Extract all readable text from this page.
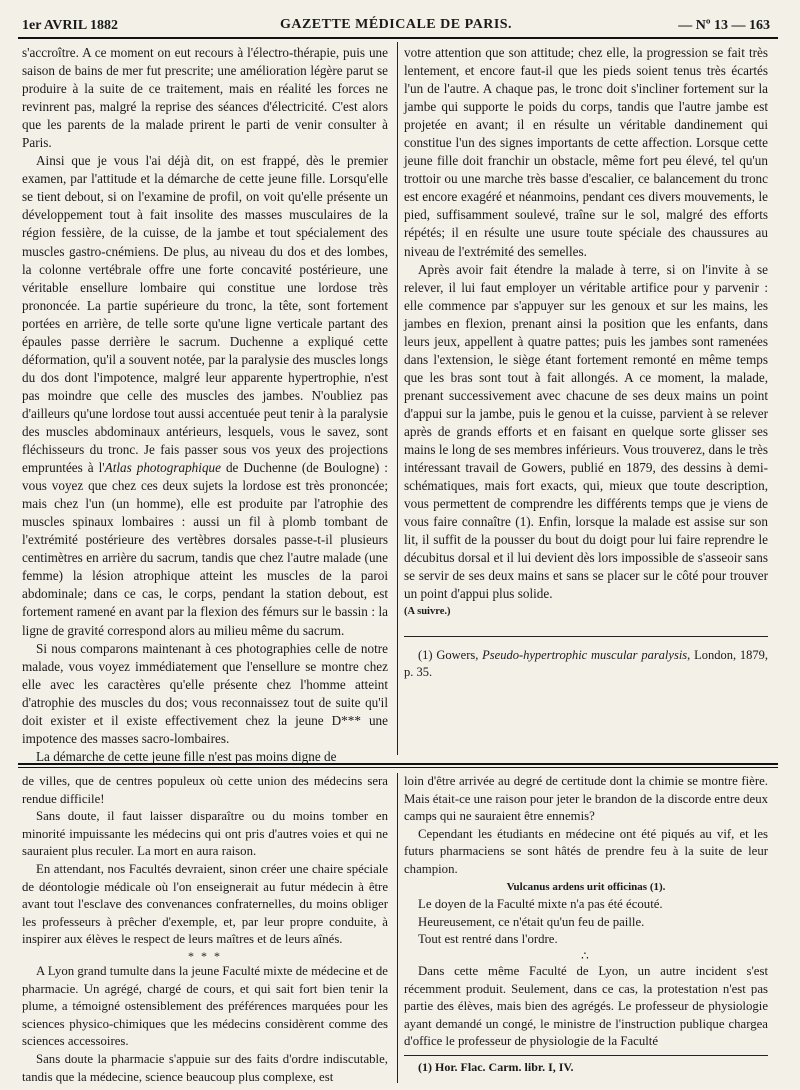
1er AVRIL 1882	GAZETTE MÉDICALE DE PARIS.	— Nº 13 — 163

s'accroître. A ce moment on eut recours à l'électro-thérapie, puis une saison de bains de mer fut prescrite; une amélioration légère parut se produire à la suite de ce traitement, mais en réalité les forces ne revinrent pas, malgré la reprise des séances d'électricité. C'est alors que les parents de la malade prirent le parti de venir consulter à Paris.

Ainsi que je vous l'ai déjà dit, on est frappé, dès le premier examen, par l'attitude et la démarche de cette jeune fille. Lorsqu'elle se tient debout, si on l'examine de profil, on voit qu'elle présente un développement tout à fait insolite des masses musculaires de la région fessière, de la cuisse, de la jambe et tout spécialement des muscles gastro-cnémiens. De plus, au niveau du dos et des lombes, la colonne vertébrale offre une forte concavité postérieure, une véritable ensellure lombaire qui constitue une lordose très prononcée. La partie supérieure du tronc, la tête, sont fortement portées en arrière, de telle sorte qu'une ligne verticale partant des épaules passe derrière le sacrum. Duchenne a expliqué cette déformation, qu'il a souvent notée, par la paralysie des muscles longs du dos dont l'impotence, malgré leur apparente hypertrophie, n'est pas moindre que celle des muscles des jambes. N'oubliez pas d'ailleurs qu'une lordose tout aussi accentuée peut tenir à la paralysie des muscles abdominaux antérieurs, lesquels, vous le savez, sont fléchisseurs du tronc. Je fais passer sous vos yeux des projections empruntées à l'Atlas photographique de Duchenne (de Boulogne) : vous voyez que chez ces deux sujets la lordose est très prononcée; mais chez l'un (un homme), elle est produite par l'atrophie des muscles spinaux lombaires : aussi un fil à plomb tombant de l'extrémité postérieure des vertèbres dorsales passe-t-il plusieurs centimètres en arrière du sacrum, tandis que chez l'autre malade (une femme) la lésion atrophique atteint les muscles de la paroi abdominale; dans ce cas, le corps, pendant la station debout, est fortement ramené en avant par la flexion des fémurs sur le bassin : la ligne de gravité correspond alors au milieu même du sacrum.

Si nous comparons maintenant à ces photographies celle de notre malade, vous voyez immédiatement que l'ensellure se montre chez elle avec les caractères qu'elle présente chez l'homme atteint d'atrophie des muscles du dos; vous reconnaissez tout de suite qu'il doit exister et il existe effectivement chez la jeune D*** une impotence des masses sacro-lombaires.

La démarche de cette jeune fille n'est pas moins digne de

votre attention que son attitude; chez elle, la progression se fait très lentement, et encore faut-il que les pieds soient tenus très écartés l'un de l'autre. A chaque pas, le tronc doit s'incliner fortement sur la jambe qui supporte le poids du corps, tandis que l'autre jambe est projetée en avant; il en résulte un véritable dandinement qui constitue l'un des signes importants de cette affection. Lorsque cette jeune fille doit franchir un obstacle, même fort peu élevé, tel qu'un trottoir ou une marche très basse d'escalier, ce balancement du tronc est encore exagéré et néanmoins, pendant ces divers mouvements, le pied, suffisamment soulevé, traîne sur le sol, malgré des efforts répétés; il en résulte une usure toute spéciale des chaussures au niveau de l'extrémité des semelles.

Après avoir fait étendre la malade à terre, si on l'invite à se relever, il lui faut employer un véritable artifice pour y parvenir : elle commence par s'appuyer sur les genoux et sur les mains, les jambes en flexion, prenant ainsi la position que les enfants, dans leurs jeux, appellent à quatre pattes; puis les jambes sont ramenées dans l'extension, le siège étant fortement remonté en même temps que les bras sont tout à fait allongés. A ce moment, la malade, prenant successivement avec chacune de ses deux mains un point d'appui sur la jambe, puis le genou et la cuisse, parvient à se relever après de grands efforts et en faisant en quelque sorte glisser ses mains le long de ses membres inférieurs. Vous trouverez, dans le très intéressant travail de Gowers, publié en 1879, des dessins à demi-schématiques, mais fort exacts, qui, mieux que toute description, vous permettent de comprendre les différents temps que je viens de vous faire connaître (1). Enfin, lorsque la malade est assise sur son lit, il suffit de la pousser du bout du doigt pour lui faire reprendre le décubitus dorsal et il lui devient dès lors impossible de s'asseoir sans se servir de ses deux mains et sans se placer sur le côté pour trouver un point d'appui plus solide.

(A suivre.)

(1) Gowers, Pseudo-hypertrophic muscular paralysis, London, 1879, p. 35.

de villes, que de centres populeux où cette union des médecins sera rendue difficile!

Sans doute, il faut laisser disparaître ou du moins tomber en minorité impuissante les médecins qui ont pris d'autres voies et qui ne sauraient plus reculer. La mort en aura raison.

En attendant, nos Facultés devraient, sinon créer une chaire spéciale de déontologie médicale où l'on enseignerait au futur médecin à être avant tout l'esclave des convenances confraternelles, du moins obliger les professeurs à prêcher d'exemple, et, par leur propre conduite, à inspirer aux élèves le respect de leurs maîtres et de leurs aînés.

* * *

A Lyon grand tumulte dans la jeune Faculté mixte de médecine et de pharmacie. Un agrégé, chargé de cours, et qui sait fort bien tenir la plume, a témoigné ostensiblement des préférences marquées pour les sciences physico-chimiques que les médecins considèrent comme des sciences accessoires.

Sans doute la pharmacie s'appuie sur des faits d'ordre indiscutable, tandis que la médecine, science beaucoup plus complexe, est

loin d'être arrivée au degré de certitude dont la chimie se montre fière. Mais était-ce une raison pour jeter le brandon de la discorde entre deux camps qui ne sauraient être ennemis?

Cependant les étudiants en médecine ont été piqués au vif, et les futurs pharmaciens se sont hâtés de prendre feu à la suite de leur champion.

Vulcanus ardens urit officinas (1).

Le doyen de la Faculté mixte n'a pas été écouté.

Heureusement, ce n'était qu'un feu de paille.

Tout est rentré dans l'ordre.

∴

Dans cette même Faculté de Lyon, un autre incident s'est récemment produit. Seulement, dans ce cas, la protestation n'est pas partie des élèves, mais bien des agrégés. Le professeur de physiologie ayant demandé un congé, le ministre de l'instruction publique chargea d'office le professeur de physiologie de la Faculté

(1) Hor. Flac. Carm. libr. I, IV.
